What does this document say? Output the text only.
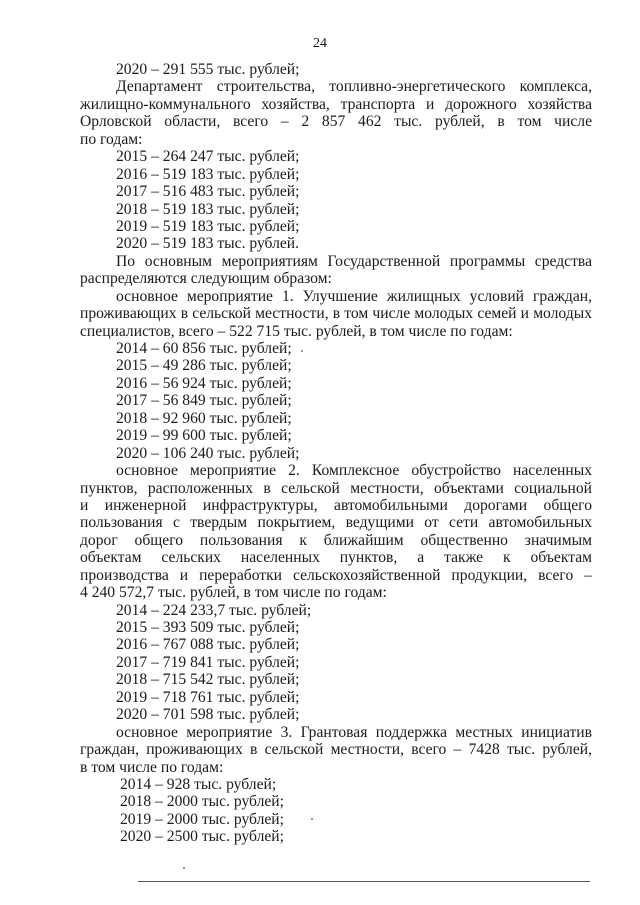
24
2020 – 291 555 тыс. рублей;
Департамент строительства, топливно-энергетического комплекса,
жилищно-коммунального хозяйства, транспорта и дорожного хозяйства
Орловской области, всего – 2 857 462 тыс. рублей, в том числе
по годам:
2015 – 264 247 тыс. рублей;
2016 – 519 183 тыс. рублей;
2017 – 516 483 тыс. рублей;
2018 – 519 183 тыс. рублей;
2019 – 519 183 тыс. рублей;
2020 – 519 183 тыс. рублей.
По основным мероприятиям Государственной программы средства
распределяются следующим образом:
основное мероприятие 1. Улучшение жилищных условий граждан,
проживающих в сельской местности, в том числе молодых семей и молодых
специалистов, всего – 522 715 тыс. рублей, в том числе по годам:
2014 – 60 856 тыс. рублей;
2015 – 49 286 тыс. рублей;
2016 – 56 924 тыс. рублей;
2017 – 56 849 тыс. рублей;
2018 – 92 960 тыс. рублей;
2019 – 99 600 тыс. рублей;
2020 – 106 240 тыс. рублей;
основное мероприятие 2. Комплексное обустройство населенных
пунктов, расположенных в сельской местности, объектами социальной
и инженерной инфраструктуры, автомобильными дорогами общего
пользования с твердым покрытием, ведущими от сети автомобильных
дорог общего пользования к ближайшим общественно значимым
объектам сельских населенных пунктов, а также к объектам
производства и переработки сельскохозяйственной продукции, всего –
4 240 572,7 тыс. рублей, в том числе по годам:
2014 – 224 233,7 тыс. рублей;
2015 – 393 509 тыс. рублей;
2016 – 767 088 тыс. рублей;
2017 – 719 841 тыс. рублей;
2018 – 715 542 тыс. рублей;
2019 – 718 761 тыс. рублей;
2020 – 701 598 тыс. рублей;
основное мероприятие 3. Грантовая поддержка местных инициатив
граждан, проживающих в сельской местности, всего – 7428 тыс. рублей,
в том числе по годам:
2014 – 928 тыс. рублей;
2018 – 2000 тыс. рублей;
2019 – 2000 тыс. рублей;
2020 – 2500 тыс. рублей;
